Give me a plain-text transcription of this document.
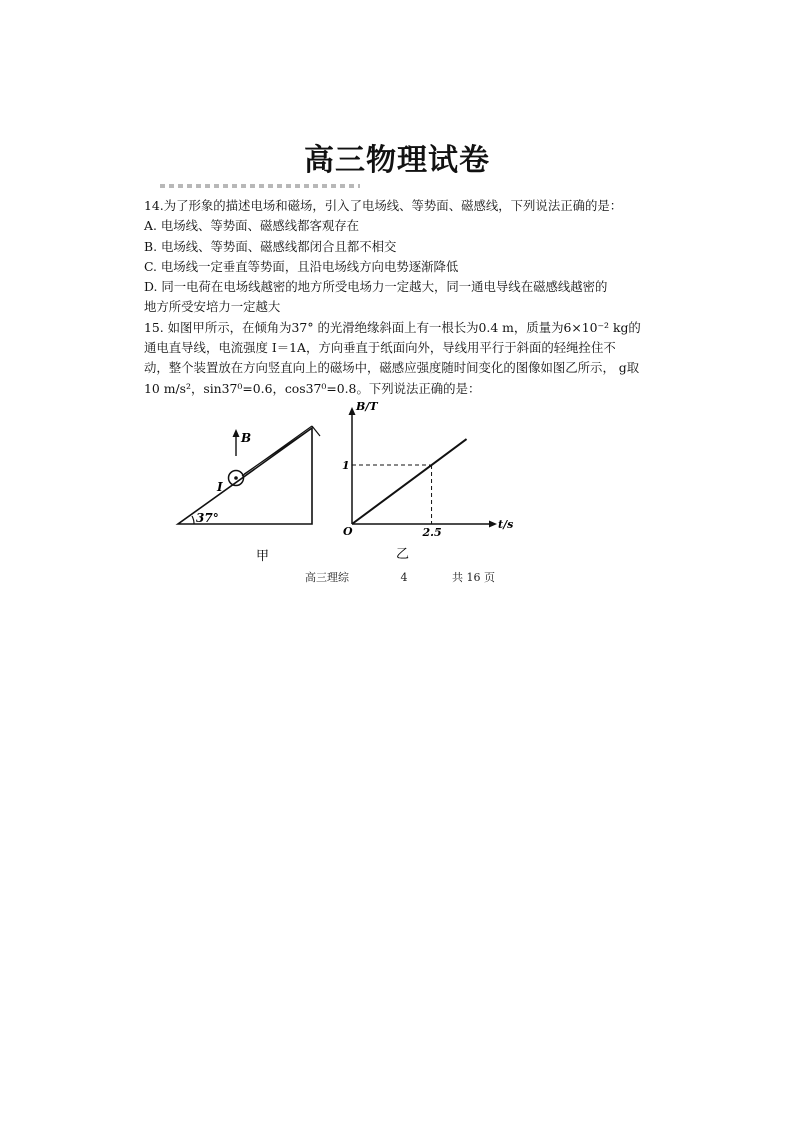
高三物理试卷

14.为了形象的描述电场和磁场，引入了电场线、等势面、磁感线，下列说法正确的是：

A. 电场线、等势面、磁感线都客观存在

B. 电场线、等势面、磁感线都闭合且都不相交

C. 电场线一定垂直等势面，且沿电场线方向电势逐渐降低

D. 同一电荷在电场线越密的地方所受电场力一定越大，同一通电导线在磁感线越密的

地方所受安培力一定越大

15. 如图甲所示，在倾角为37° 的光滑绝缘斜面上有一根长为0.4 m，质量为6×10⁻² kg的

通电直导线，电流强度 I＝1A，方向垂直于纸面向外，导线用平行于斜面的轻绳拴住不

动，整个装置放在方向竖直向上的磁场中，磁感应强度随时间变化的图像如图乙所示， g取

10 m/s²，sin37⁰=0.6，cos37⁰=0.8。下列说法正确的是：

B
I
37°
甲
B/T
t/s
O
乙
1
2.5
高三理综	4	共 16 页
